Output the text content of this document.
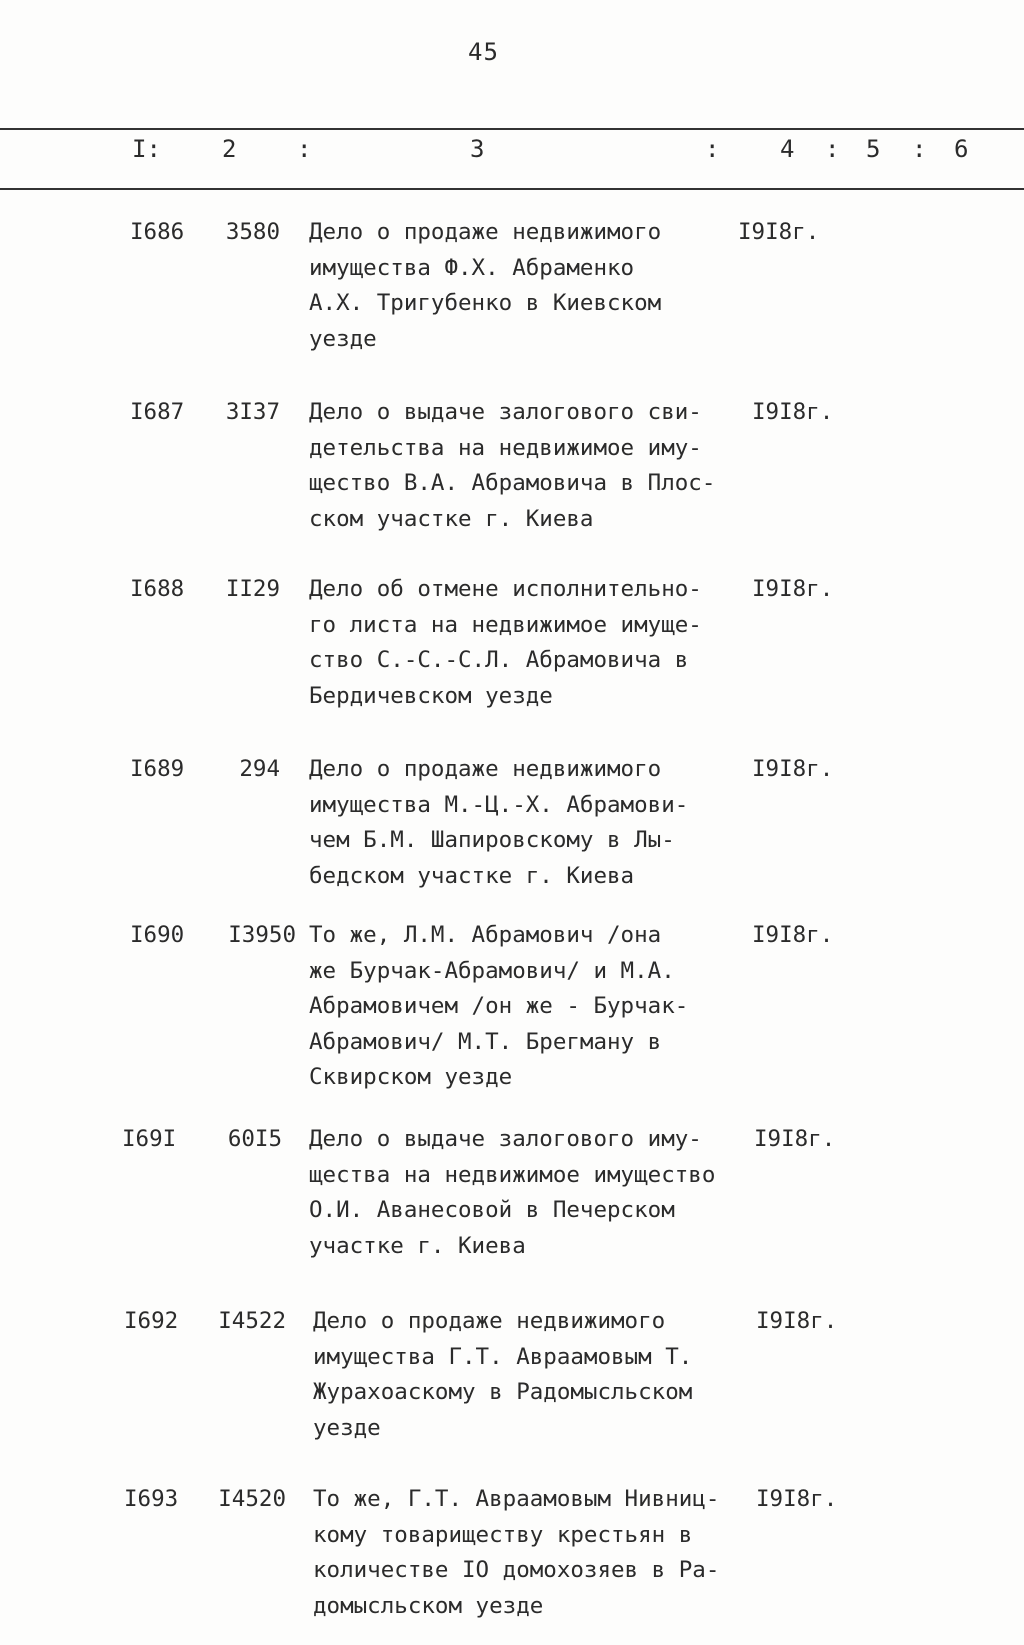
45
I:	2	:	3	:	4 : 5 : 6
I686	3580 Дело о продаже недвижимого
имущества Ф.Х. Абраменко
А.Х. Тригубенко в Киевском
уезде
I9I8г.
I687	3I37 Дело о выдаче залогового сви-
детельства на недвижимое иму-
щество В.А. Абрамовича в Плос-
ском участке г. Киева
I9I8г.
I688	II29 Дело об отмене исполнительно-
го листа на недвижимое имуще-
ство С.-С.-С.Л. Абрамовича в
Бердичевском уезде
I9I8г.
I689	294 Дело о продаже недвижимого
имущества М.-Ц.-Х. Абрамови-
чем Б.М. Шапировскому в Лы-
бедском участке г. Киева
I9I8г.
I690	I3950 То же, Л.М. Абрамович /она
же Бурчак-Абрамович/ и М.А.
Абрамовичем /он же - Бурчак-
Абрамович/ М.Т. Брегману в
Сквирском уезде
I9I8г.
I69I	60I5 Дело о выдаче залогового иму-
щества на недвижимое имущество
О.И. Аванесовой в Печерском
участке г. Киева
I9I8г.
I692	I4522 Дело о продаже недвижимого
имущества Г.Т. Авраамовым Т.
Журахоаскому в Радомысльском
уезде
I9I8г.
I693	I4520 То же, Г.Т. Авраамовым Нивниц-
кому товариществу крестьян в
количестве IO домохозяев в Ра-
домысльском уезде
I9I8г.
